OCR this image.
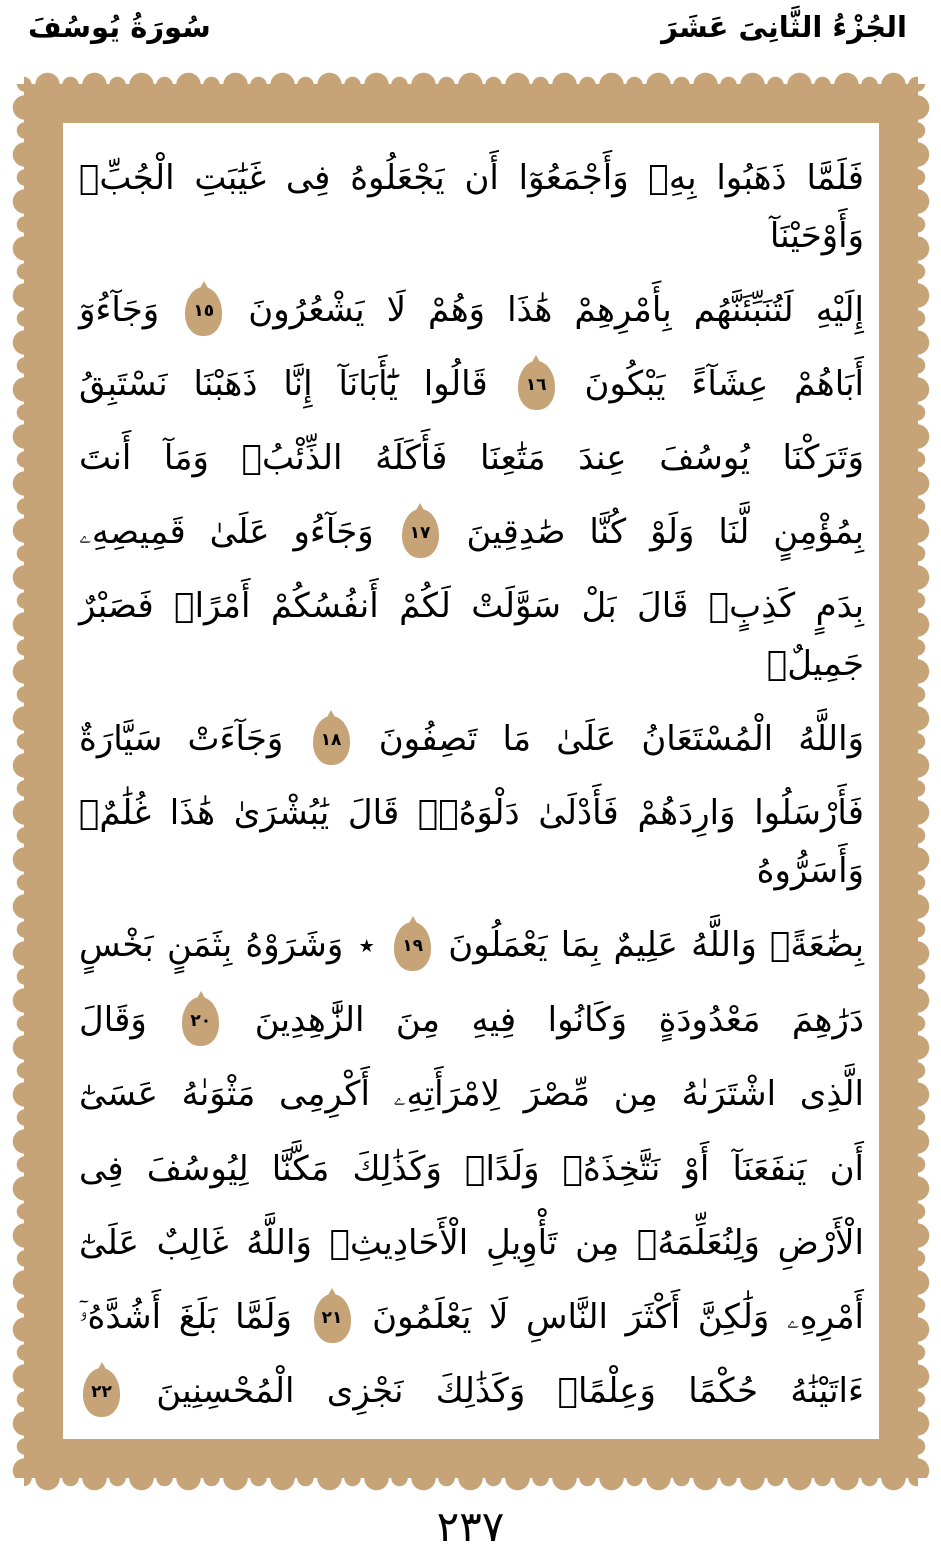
الجُزْءُ الثَّانِىَ عَشَرَ
سُورَةُ يُوسُفَ
فَلَمَّا ذَهَبُوا بِهِۦ وَأَجْمَعُوٓا أَن يَجْعَلُوهُ فِى غَيَٰبَتِ الْجُبِّۚ وَأَوْحَيْنَآ
إِلَيْهِ لَتُنَبِّئَنَّهُم بِأَمْرِهِمْ هَٰذَا وَهُمْ لَا يَشْعُرُونَ
١٥
وَجَآءُوٓ
أَبَاهُمْ عِشَآءً يَبْكُونَ
١٦
قَالُوا يَٰٓأَبَانَآ إِنَّا ذَهَبْنَا نَسْتَبِقُ
وَتَرَكْنَا يُوسُفَ عِندَ مَتَٰعِنَا فَأَكَلَهُ الذِّئْبُۖ وَمَآ أَنتَ
بِمُؤْمِنٍ لَّنَا وَلَوْ كُنَّا صَٰدِقِينَ
١٧
وَجَآءُو عَلَىٰ قَمِيصِهِۦ
بِدَمٍ كَذِبٍۚ قَالَ بَلْ سَوَّلَتْ لَكُمْ أَنفُسُكُمْ أَمْرًاۖ فَصَبْرٌ جَمِيلٌۖ
وَاللَّهُ الْمُسْتَعَانُ عَلَىٰ مَا تَصِفُونَ
١٨
وَجَآءَتْ سَيَّارَةٌ
فَأَرْسَلُوا وَارِدَهُمْ فَأَدْلَىٰ دَلْوَهُۥۖ قَالَ يَٰبُشْرَىٰ هَٰذَا غُلَٰمٌۚ وَأَسَرُّوهُ
بِضَٰعَةًۚ وَاللَّهُ عَلِيمٌ بِمَا يَعْمَلُونَ
١٩
٭ وَشَرَوْهُ بِثَمَنٍ بَخْسٍ
دَرَٰهِمَ مَعْدُودَةٍ وَكَانُوا فِيهِ مِنَ الزَّٰهِدِينَ
٢٠
وَقَالَ
الَّذِى اشْتَرَىٰهُ مِن مِّصْرَ لِامْرَأَتِهِۦ أَكْرِمِى مَثْوَىٰهُ عَسَىٰٓ
أَن يَنفَعَنَآ أَوْ نَتَّخِذَهُۥ وَلَدًاۚ وَكَذَٰلِكَ مَكَّنَّا لِيُوسُفَ فِى
الْأَرْضِ وَلِنُعَلِّمَهُۥ مِن تَأْوِيلِ الْأَحَادِيثِۚ وَاللَّهُ غَالِبٌ عَلَىٰٓ
أَمْرِهِۦ وَلَٰكِنَّ أَكْثَرَ النَّاسِ لَا يَعْلَمُونَ
٢١
وَلَمَّا بَلَغَ أَشُدَّهُۥٓ
ءَاتَيْنَٰهُ حُكْمًا وَعِلْمًاۚ وَكَذَٰلِكَ نَجْزِى الْمُحْسِنِينَ
٢٢
٢٣٧
